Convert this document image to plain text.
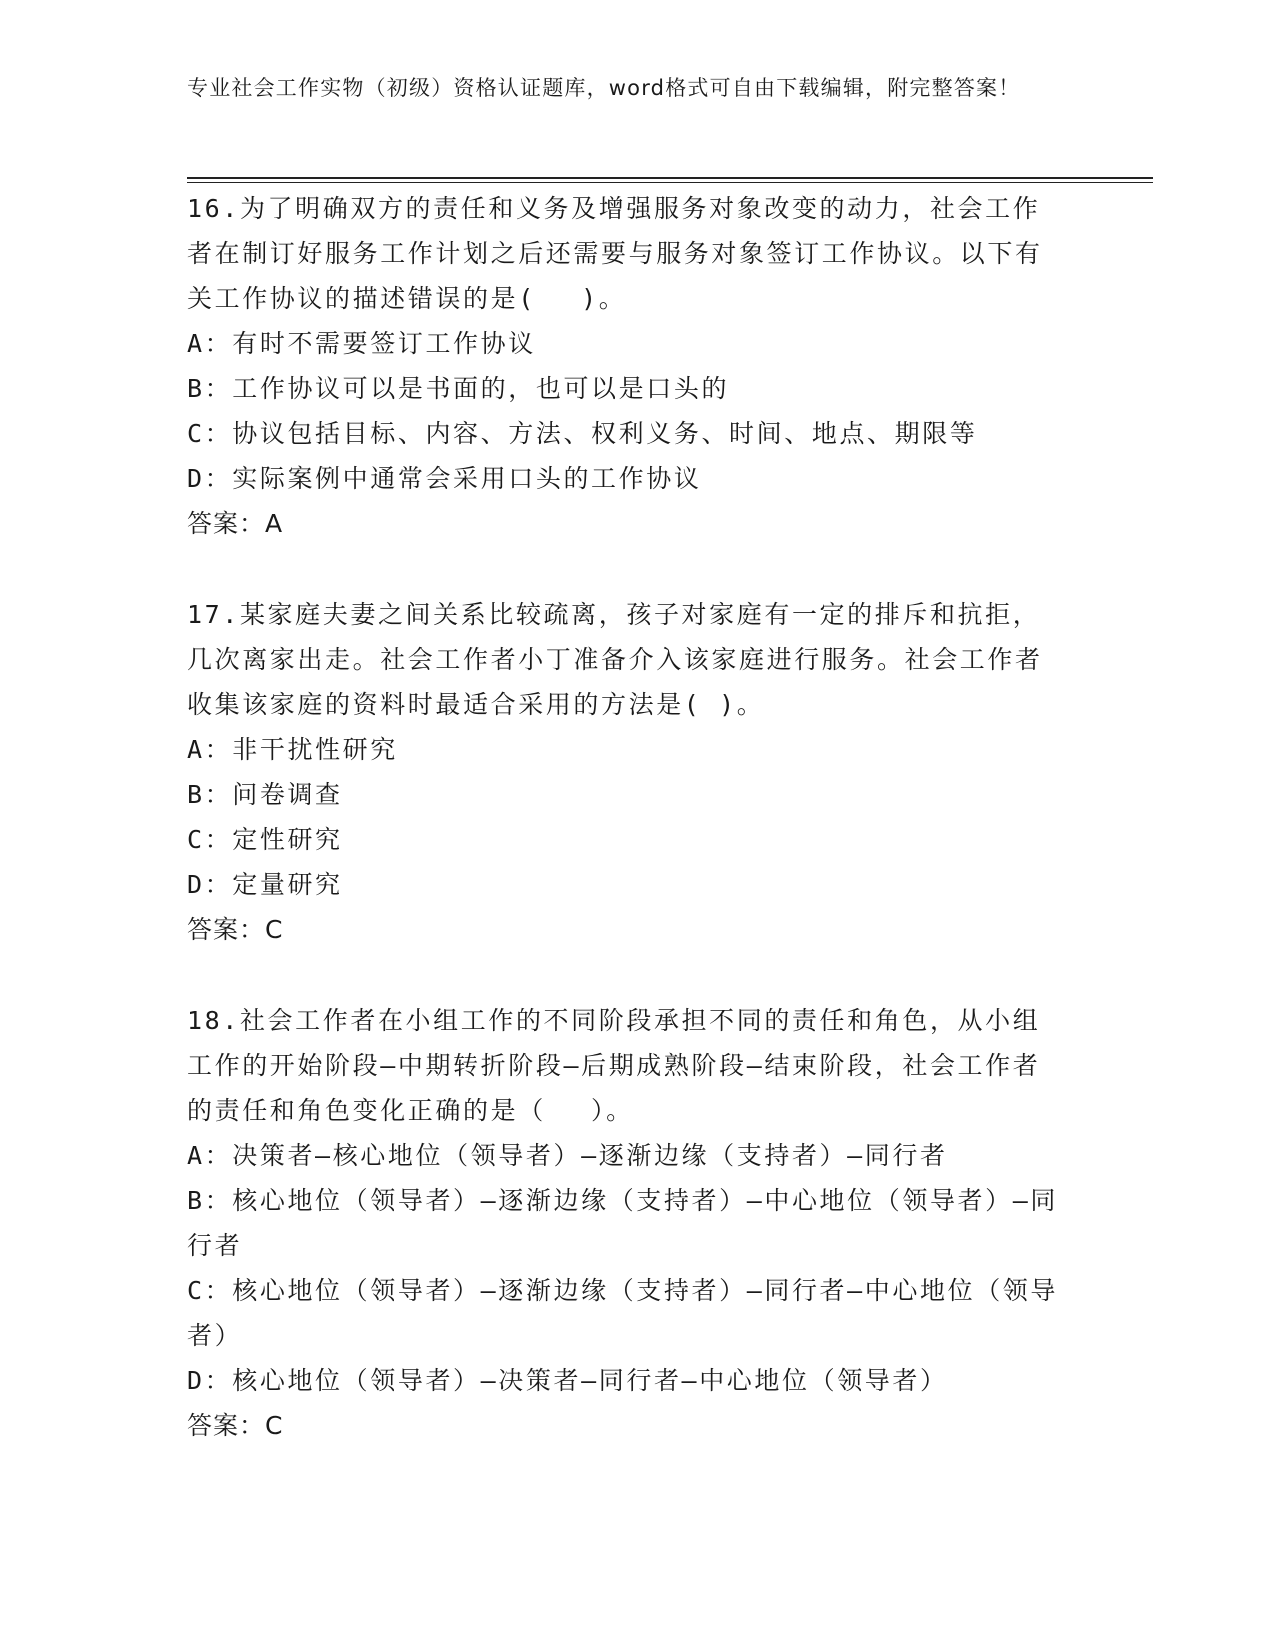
专业社会工作实物（初级）资格认证题库，word格式可自由下载编辑，附完整答案！

16.为了明确双方的责任和义务及增强服务对象改变的动力，社会工作者在制订好服务工作计划之后还需要与服务对象签订工作协议。以下有关工作协议的描述错误的是(　 )。

A：有时不需要签订工作协议

B：工作协议可以是书面的，也可以是口头的

C：协议包括目标、内容、方法、权利义务、时间、地点、期限等

D：实际案例中通常会采用口头的工作协议

答案：A

17.某家庭夫妻之间关系比较疏离，孩子对家庭有一定的排斥和抗拒，几次离家出走。社会工作者小丁准备介入该家庭进行服务。社会工作者收集该家庭的资料时最适合采用的方法是( )。

A：非干扰性研究

B：问卷调查

C：定性研究

D：定量研究

答案：C

18.社会工作者在小组工作的不同阶段承担不同的责任和角色，从小组工作的开始阶段—中期转折阶段—后期成熟阶段—结束阶段，社会工作者的责任和角色变化正确的是（　 ）。

A：决策者—核心地位（领导者）—逐渐边缘（支持者）—同行者

B：核心地位（领导者）—逐渐边缘（支持者）—中心地位（领导者）—同行者

C：核心地位（领导者）—逐渐边缘（支持者）—同行者—中心地位（领导者）

D：核心地位（领导者）—决策者—同行者—中心地位（领导者）

答案：C
